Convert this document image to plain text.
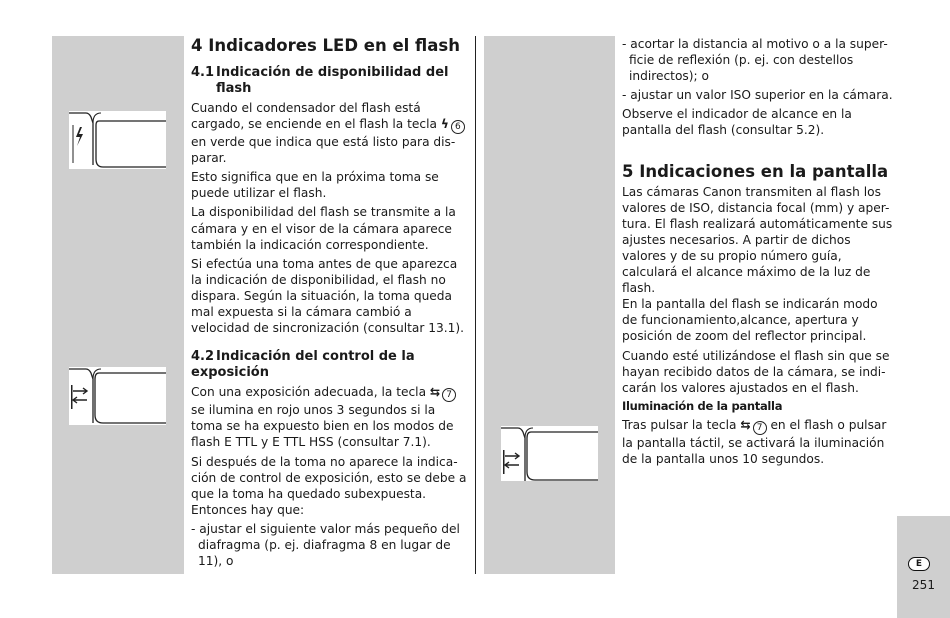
4 Indicadores LED en el flash
4.1 Indicación de disponibilidad del
flash

Cuando el condensador del flash está cargado, se enciende en el flash la tecla ϟ 6 en verde que indica que está listo para dis-parar.

Esto significa que en la próxima toma se puede utilizar el flash.

La disponibilidad del flash se transmite a la cámara y en el visor de la cámara aparece también la indicación correspondiente.

Si efectúa una toma antes de que aparezca la indicación de disponibilidad, el flash no dispara. Según la situación, la toma queda mal expuesta si la cámara cambió a velocidad de sincronización (consultar 13.1).

4.2 Indicación del control de la exposición

Con una exposición adecuada, la tecla ⇆ 7 se ilumina en rojo unos 3 segundos si la toma se ha expuesto bien en los modos de flash E TTL y E TTL HSS (consultar 7.1).

Si después de la toma no aparece la indica-ción de control de exposición, esto se debe a que la toma ha quedado subexpuesta. Entonces hay que:

- ajustar el siguiente valor más pequeño del diafragma (p. ej. diafragma 8 en lugar de 11), o

- acortar la distancia al motivo o a la super-ficie de reflexión (p. ej. con destellos indirectos); o

- ajustar un valor ISO superior en la cámara.

Observe el indicador de alcance en la pantalla del flash (consultar 5.2).

5 Indicaciones en la pantalla

Las cámaras Canon transmiten al flash los valores de ISO, distancia focal (mm) y aper-tura. El flash realizará automáticamente sus ajustes necesarios. A partir de dichos valores y de su propio número guía, calculará el alcance máximo de la luz de flash.

En la pantalla del flash se indicarán modo de funcionamiento,alcance, apertura y posición de zoom del reflector principal.

Cuando esté utilizándose el flash sin que se hayan recibido datos de la cámara, se indi-carán los valores ajustados en el flash.

Iluminación de la pantalla

Tras pulsar la tecla ⇆ 7 en el flash o pulsar la pantalla táctil, se activará la iluminación de la pantalla unos 10 segundos.

E
251
